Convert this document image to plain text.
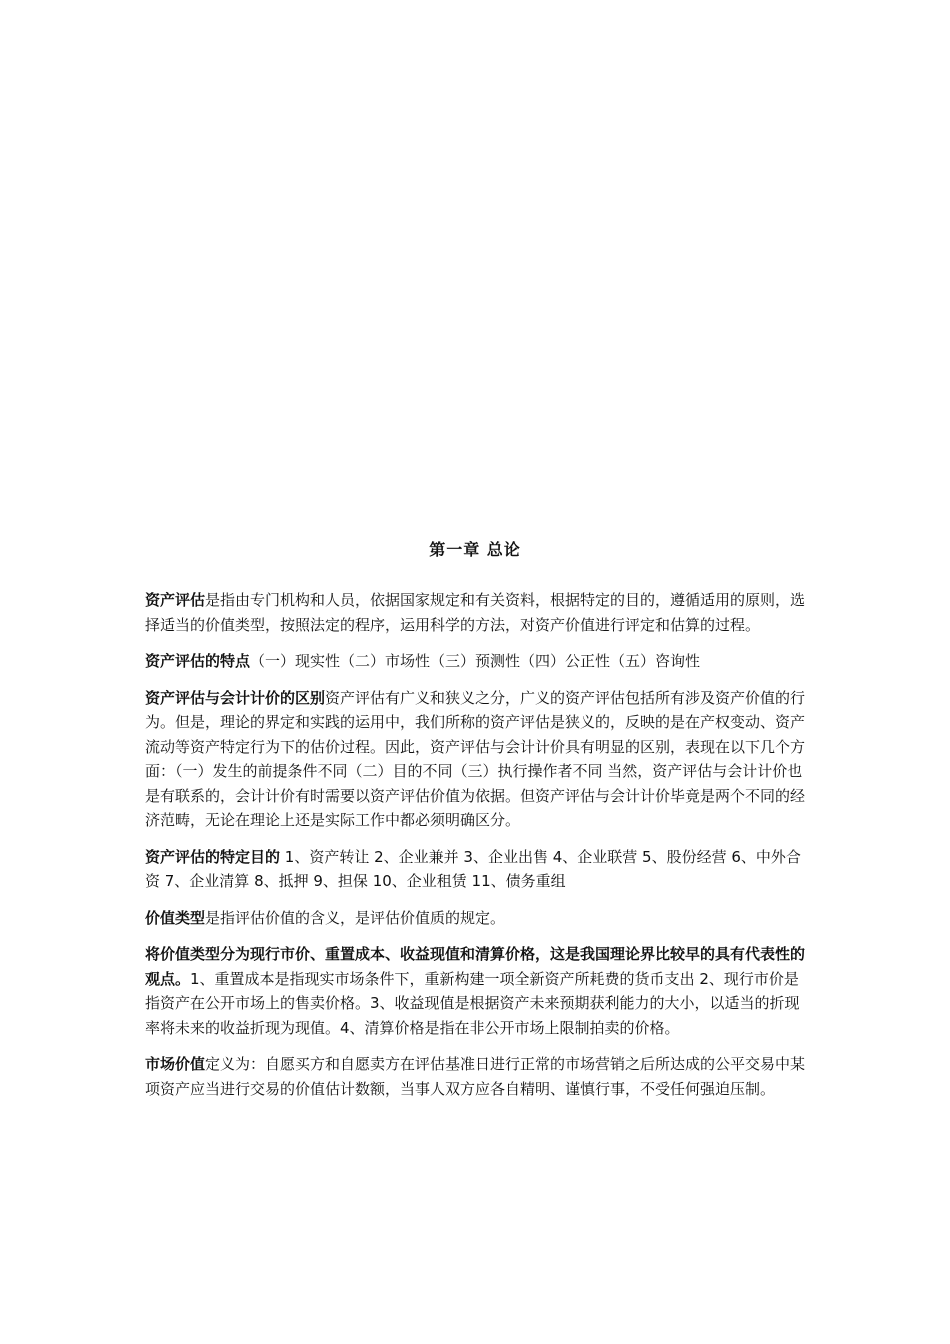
第一章 总论

资产评估是指由专门机构和人员，依据国家规定和有关资料，根据特定的目的，遵循适用的原则，选择适当的价值类型，按照法定的程序，运用科学的方法，对资产价值进行评定和估算的过程。

资产评估的特点（一）现实性（二）市场性（三）预测性（四）公正性（五）咨询性

资产评估与会计计价的区别资产评估有广义和狭义之分，广义的资产评估包括所有涉及资产价值的行为。但是，理论的界定和实践的运用中，我们所称的资产评估是狭义的，反映的是在产权变动、资产流动等资产特定行为下的估价过程。因此，资产评估与会计计价具有明显的区别，表现在以下几个方面：（一）发生的前提条件不同（二）目的不同（三）执行操作者不同 当然，资产评估与会计计价也是有联系的，会计计价有时需要以资产评估价值为依据。但资产评估与会计计价毕竟是两个不同的经济范畴，无论在理论上还是实际工作中都必须明确区分。

资产评估的特定目的 1、资产转让 2、企业兼并 3、企业出售 4、企业联营 5、股份经营 6、中外合资 7、企业清算 8、抵押 9、担保 10、企业租赁 11、债务重组

价值类型是指评估价值的含义，是评估价值质的规定。

将价值类型分为现行市价、重置成本、收益现值和清算价格，这是我国理论界比较早的具有代表性的观点。1、重置成本是指现实市场条件下，重新构建一项全新资产所耗费的货币支出 2、现行市价是指资产在公开市场上的售卖价格。3、收益现值是根据资产未来预期获利能力的大小，以适当的折现率将未来的收益折现为现值。4、清算价格是指在非公开市场上限制拍卖的价格。

市场价值定义为：自愿买方和自愿卖方在评估基准日进行正常的市场营销之后所达成的公平交易中某项资产应当进行交易的价值估计数额，当事人双方应各自精明、谨慎行事，不受任何强迫压制。
